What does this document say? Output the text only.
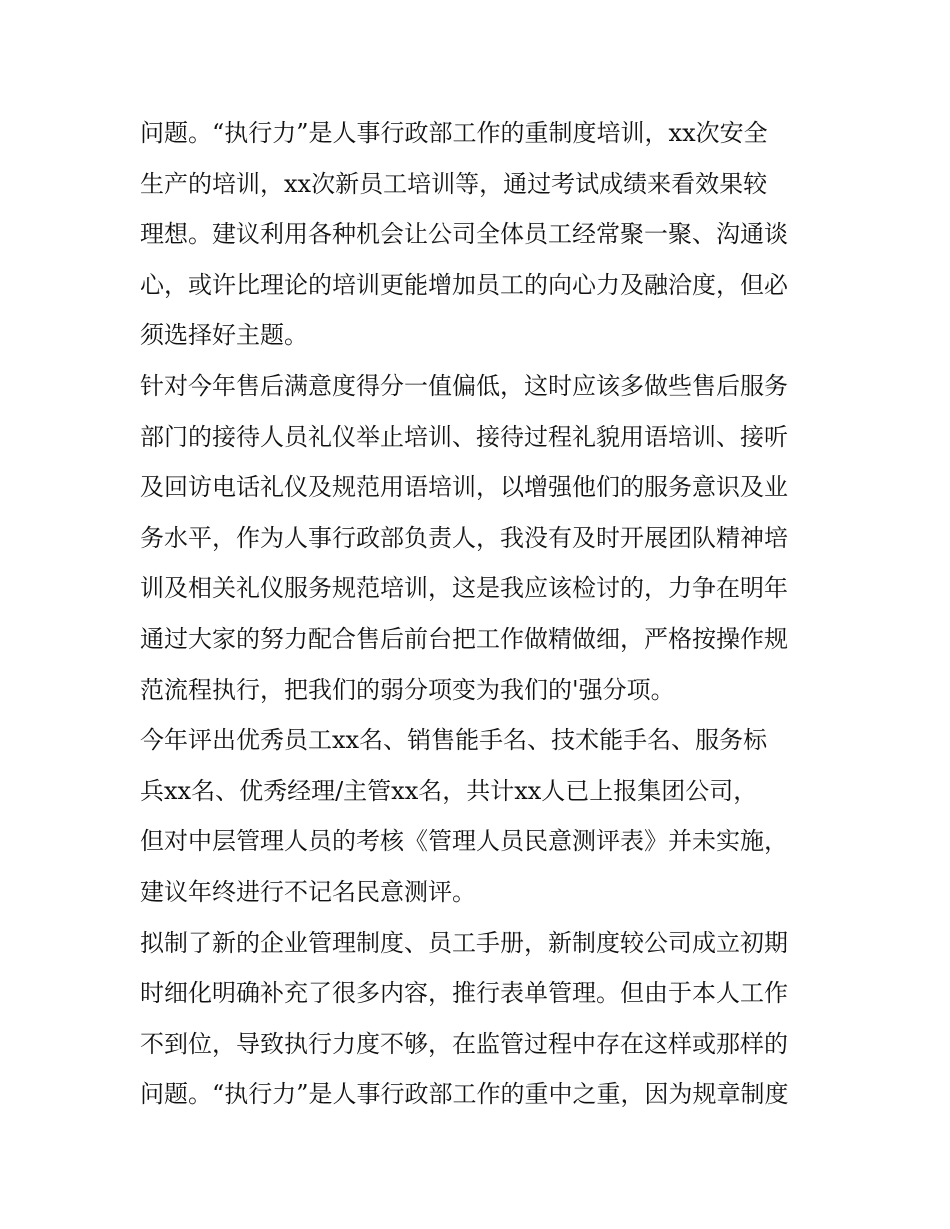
问题。“执行力”是人事行政部工作的重制度培训，xx次安全
生产的培训，xx次新员工培训等，通过考试成绩来看效果较
理想。建议利用各种机会让公司全体员工经常聚一聚、沟通谈
心，或许比理论的培训更能增加员工的向心力及融洽度，但必
须选择好主题。
针对今年售后满意度得分一值偏低，这时应该多做些售后服务
部门的接待人员礼仪举止培训、接待过程礼貌用语培训、接听
及回访电话礼仪及规范用语培训，以增强他们的服务意识及业
务水平，作为人事行政部负责人，我没有及时开展团队精神培
训及相关礼仪服务规范培训，这是我应该检讨的，力争在明年
通过大家的努力配合售后前台把工作做精做细，严格按操作规
范流程执行，把我们的弱分项变为我们的'强分项。
今年评出优秀员工xx名、销售能手名、技术能手名、服务标
兵xx名、优秀经理/主管xx名，共计xx人已上报集团公司，
但对中层管理人员的考核《管理人员民意测评表》并未实施，
建议年终进行不记名民意测评。
拟制了新的企业管理制度、员工手册，新制度较公司成立初期
时细化明确补充了很多内容，推行表单管理。但由于本人工作
不到位，导致执行力度不够，在监管过程中存在这样或那样的
问题。“执行力”是人事行政部工作的重中之重，因为规章制度
